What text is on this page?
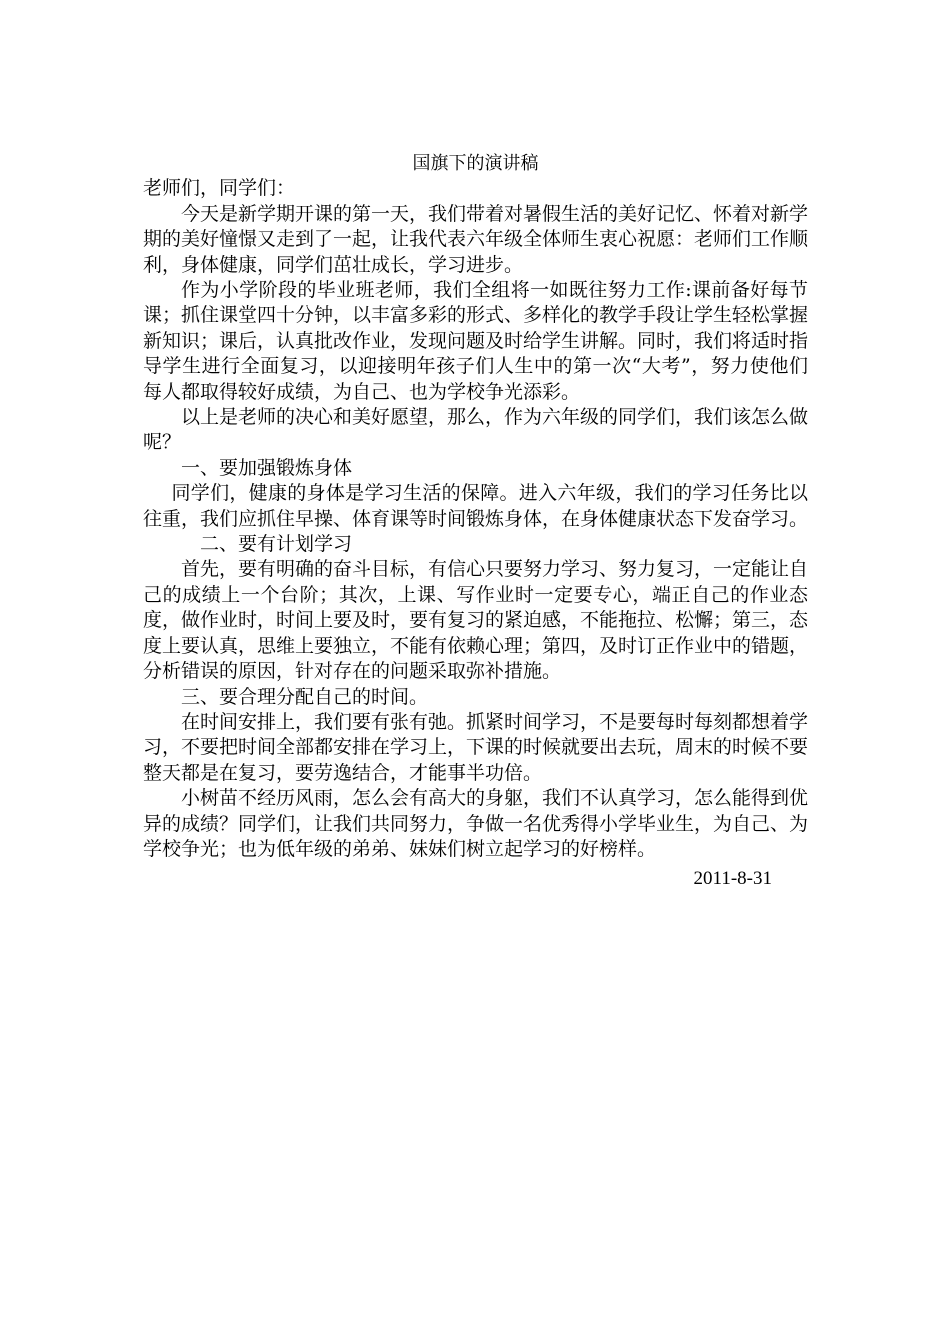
国旗下的演讲稿

老师们，同学们：

今天是新学期开课的第一天，我们带着对暑假生活的美好记忆、怀着对新学期的美好憧憬又走到了一起，让我代表六年级全体师生衷心祝愿：老师们工作顺利，身体健康，同学们茁壮成长，学习进步。

作为小学阶段的毕业班老师，我们全组将一如既往努力工作:课前备好每节课；抓住课堂四十分钟，以丰富多彩的形式、多样化的教学手段让学生轻松掌握新知识；课后，认真批改作业，发现问题及时给学生讲解。同时，我们将适时指导学生进行全面复习，以迎接明年孩子们人生中的第一次“大考”，努力使他们每人都取得较好成绩，为自己、也为学校争光添彩。

以上是老师的决心和美好愿望，那么，作为六年级的同学们，我们该怎么做呢？

一、要加强锻炼身体

同学们，健康的身体是学习生活的保障。进入六年级，我们的学习任务比以往重，我们应抓住早操、体育课等时间锻炼身体，在身体健康状态下发奋学习。

二、要有计划学习

首先，要有明确的奋斗目标，有信心只要努力学习、努力复习，一定能让自己的成绩上一个台阶；其次，上课、写作业时一定要专心，端正自己的作业态度，做作业时，时间上要及时，要有复习的紧迫感，不能拖拉、松懈；第三，态度上要认真，思维上要独立，不能有依赖心理；第四，及时订正作业中的错题，分析错误的原因，针对存在的问题采取弥补措施。

三、要合理分配自己的时间。

在时间安排上，我们要有张有弛。抓紧时间学习，不是要每时每刻都想着学习，不要把时间全部都安排在学习上，下课的时候就要出去玩，周末的时候不要整天都是在复习，要劳逸结合，才能事半功倍。

小树苗不经历风雨，怎么会有高大的身躯，我们不认真学习，怎么能得到优异的成绩？同学们，让我们共同努力，争做一名优秀得小学毕业生，为自己、为学校争光；也为低年级的弟弟、妹妹们树立起学习的好榜样。

2011-8-31
